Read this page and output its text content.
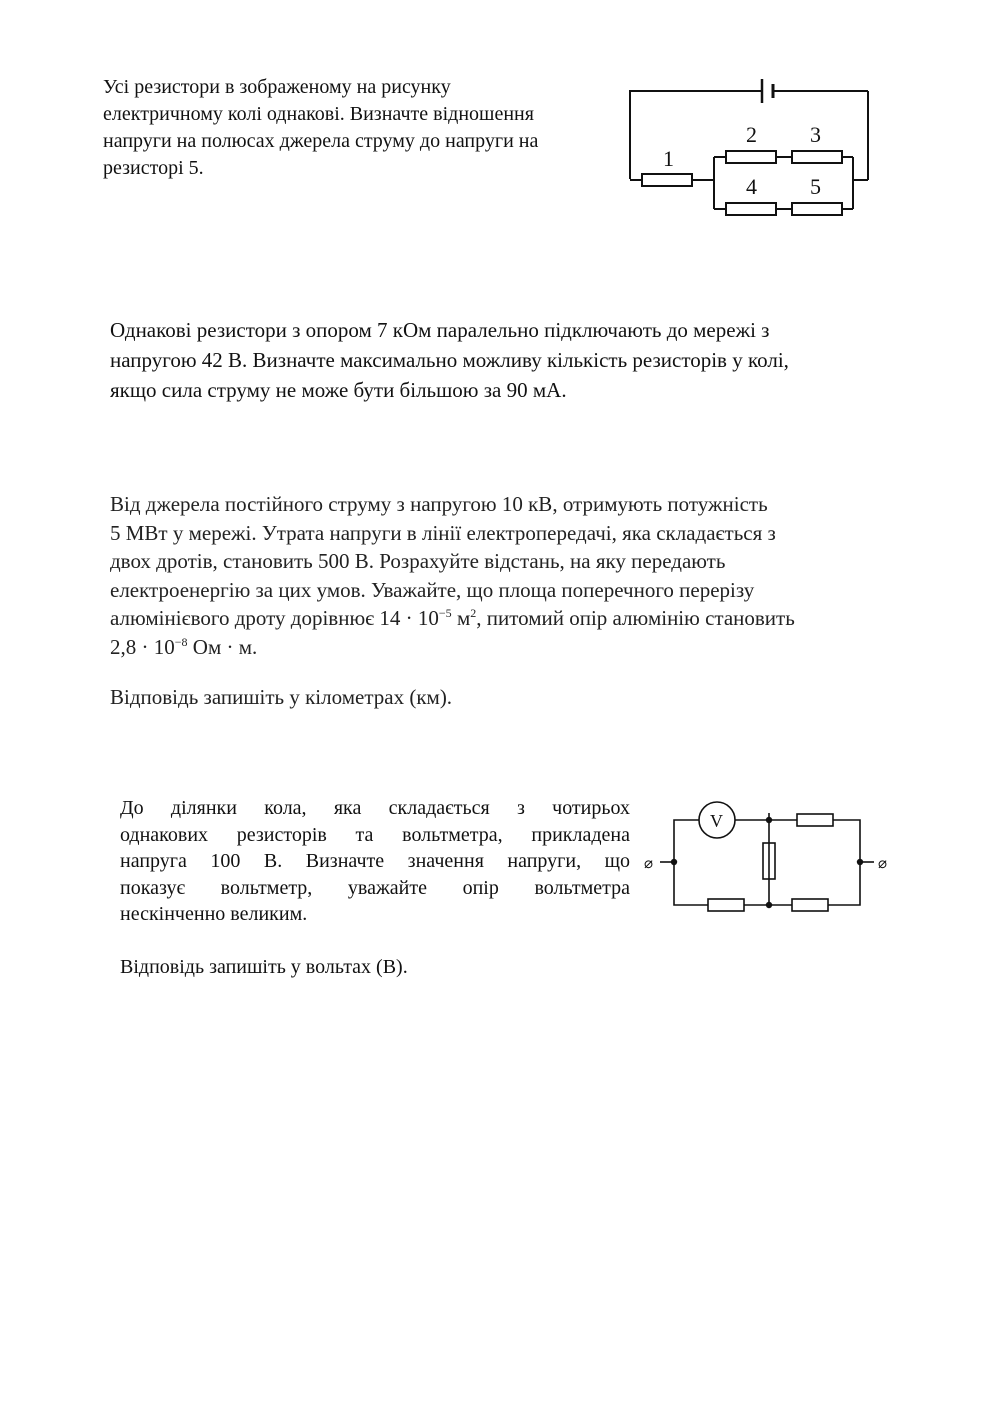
Усі резистори в зображеному на рисунку
електричному колі однакові. Визначте відношення
напруги на полюсах джерела струму до напруги на
резисторі 5.	1
2 3
4 5
Однакові резистори з опором 7 кОм паралельно підключають до мережі з
напругою 42 В. Визначте максимально можливу кількість резисторів у колі,
якщо сила струму не може бути більшою за 90 мА.
Від джерела постійного струму з напругою 10 кВ, отримують потужність
5 МВт у мережі. Утрата напруги в лінії електропередачі, яка складається з
двох дротів, становить 500 В. Розрахуйте відстань, на яку передають
електроенергію за цих умов. Уважайте, що площа поперечного перерізу
алюмінієвого дроту дорівнює $14 \cdot 10^{-5}$ $м^2$, питомий опір алюмінію становить
$2,8 \cdot 10^{-8}$ Ом · м.
Відповідь запишіть у кілометрах (км).
До ділянки кола, яка складається з чотирьох
однакових резисторів та вольтметра, прикладена
напруга 100 В. Визначте значення напруги, що
показує вольтметр, уважайте опір вольтметра
нескінченно великим.
Відповідь запишіть у вольтах (В).
V
⌀	⌀
